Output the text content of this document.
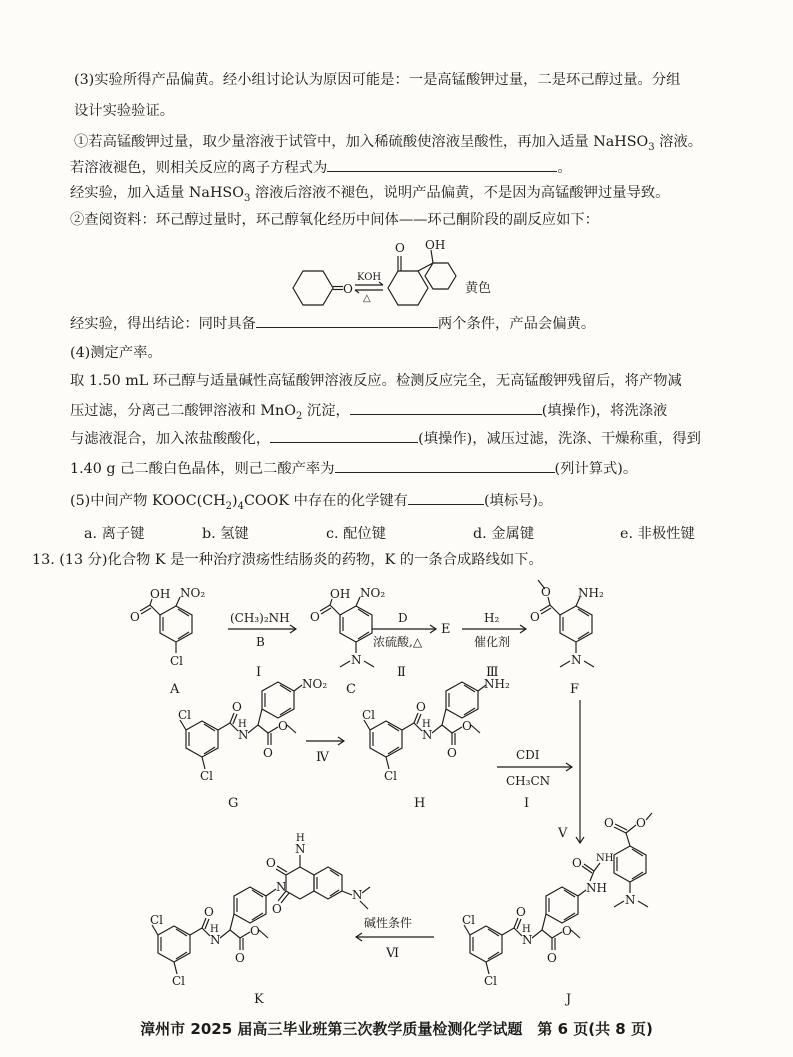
(3)实验所得产品偏黄。经小组讨论认为原因可能是：一是高锰酸钾过量，二是环己醇过量。分组
设计实验验证。
①若高锰酸钾过量，取少量溶液于试管中，加入稀硫酸使溶液呈酸性，再加入适量 NaHSO$_3$ 溶液。
若溶液褪色，则相关反应的离子方程式为	。
经实验，加入适量 NaHSO$_3$ 溶液后溶液不褪色，说明产品偏黄，不是因为高锰酸钾过量导致。
②查阅资料：环己醇过量时，环己醇氧化经历中间体——环己酮阶段的副反应如下：
O
KOH
△
O OH
黄色
经实验，得出结论：同时具备	两个条件，产品会偏黄。
(4)测定产率。
取 1.50 mL 环己醇与适量碱性高锰酸钾溶液反应。检测反应完全，无高锰酸钾残留后，将产物减
压过滤，分离己二酸钾溶液和 MnO$_2$ 沉淀，	(填操作)，将洗涤液
与滤液混合，加入浓盐酸酸化，	(填操作)，减压过滤，洗涤、干燥称重，得到
1.40 g 己二酸白色晶体，则己二酸产率为	(列计算式)。
(5)中间产物 $KOOC(CH_2)_4COOK$ 中存在的化学键有	(填标号)。
a. 离子键	b. 氢键	c. 配位键	d. 金属键	e. 非极性键
13. (13 分)化合物 K 是一种治疗溃疡性结肠炎的药物，K 的一条合成路线如下。
OH
O
NO₂
Cl
A
(CH₃)₂NH
B
Ⅰ
OH
O
NO₂
N
C
D
浓硫酸,△
Ⅱ
E
H₂
催化剂
Ⅲ
O
O NH₂
N
F
Cl
Cl
O
N
H
O
O
NO₂
G
Ⅳ
Cl
Cl
O
N
H
O
O
NH₂
H
CDI
CH₃CN
Ⅰ
Ⅴ
Cl
Cl
O
N
H
O
O
NH
O NH
O O
N
J
碱性条件
Ⅵ
Cl
Cl
O
N
H
O
O
N
O
O
N
H
N
K
漳州市 2025 届高三毕业班第三次教学质量检测化学试题　第 6 页(共 8 页)
